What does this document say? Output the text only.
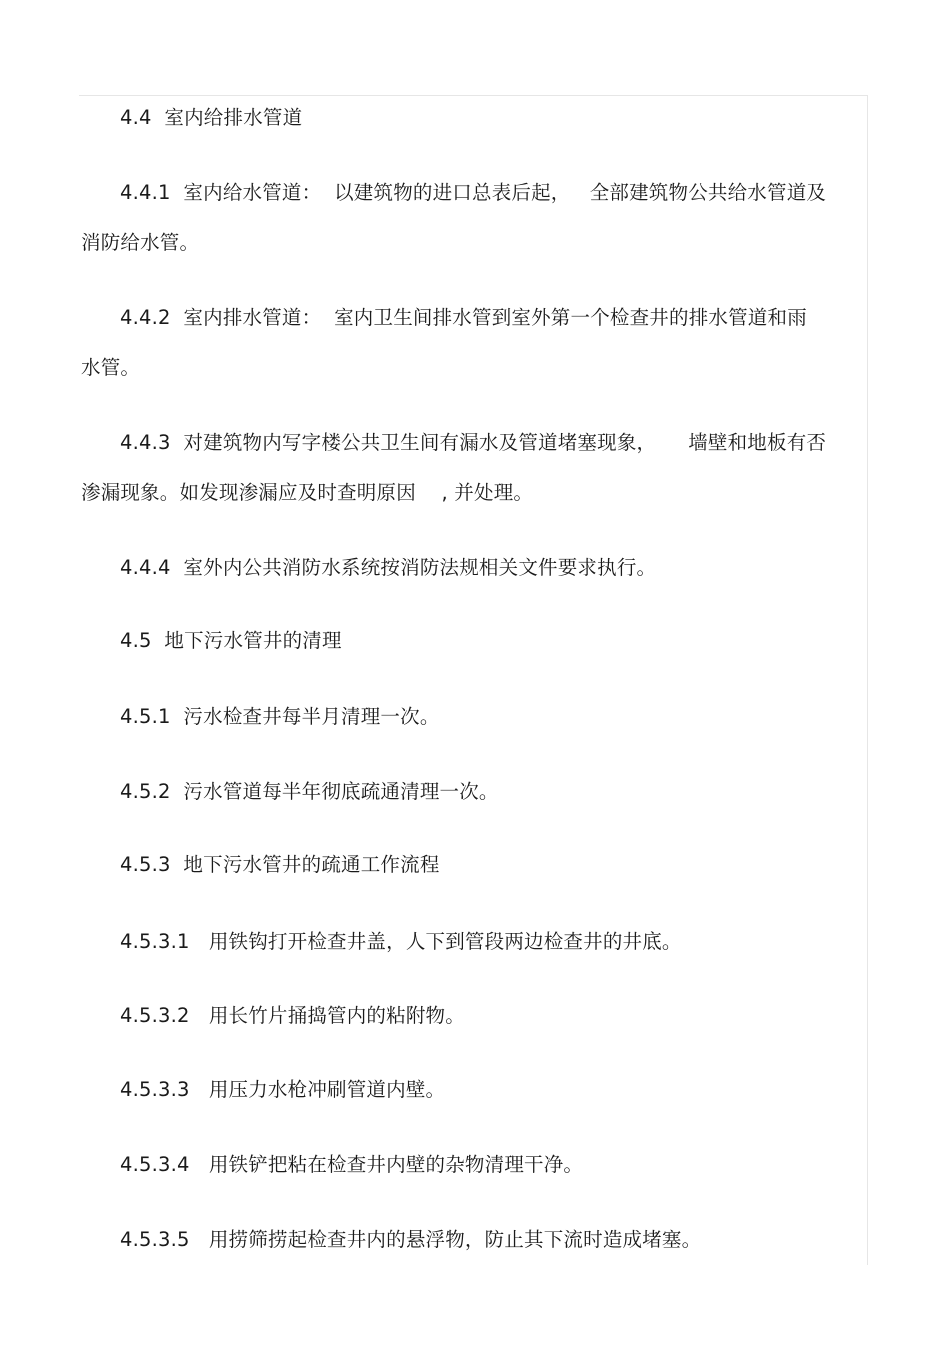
4.4  室内给排水管道
4.4.1  室内给水管道：  以建筑物的进口总表后起，   全部建筑物公共给水管道及
消防给水管。
4.4.2  室内排水管道：  室内卫生间排水管到室外第一个检查井的排水管道和雨
水管。
4.4.3  对建筑物内写字楼公共卫生间有漏水及管道堵塞现象，     墙壁和地板有否
渗漏现象。如发现渗漏应及时查明原因    , 并处理。
4.4.4  室外内公共消防水系统按消防法规相关文件要求执行。
4.5  地下污水管井的清理
4.5.1  污水检查井每半月清理一次。
4.5.2  污水管道每半年彻底疏通清理一次。
4.5.3  地下污水管井的疏通工作流程
4.5.3.1   用铁钩打开检查井盖，人下到管段两边检查井的井底。
4.5.3.2   用长竹片捅捣管内的粘附物。
4.5.3.3   用压力水枪冲刷管道内壁。
4.5.3.4   用铁铲把粘在检查井内壁的杂物清理干净。
4.5.3.5   用捞筛捞起检查井内的悬浮物，防止其下流时造成堵塞。
